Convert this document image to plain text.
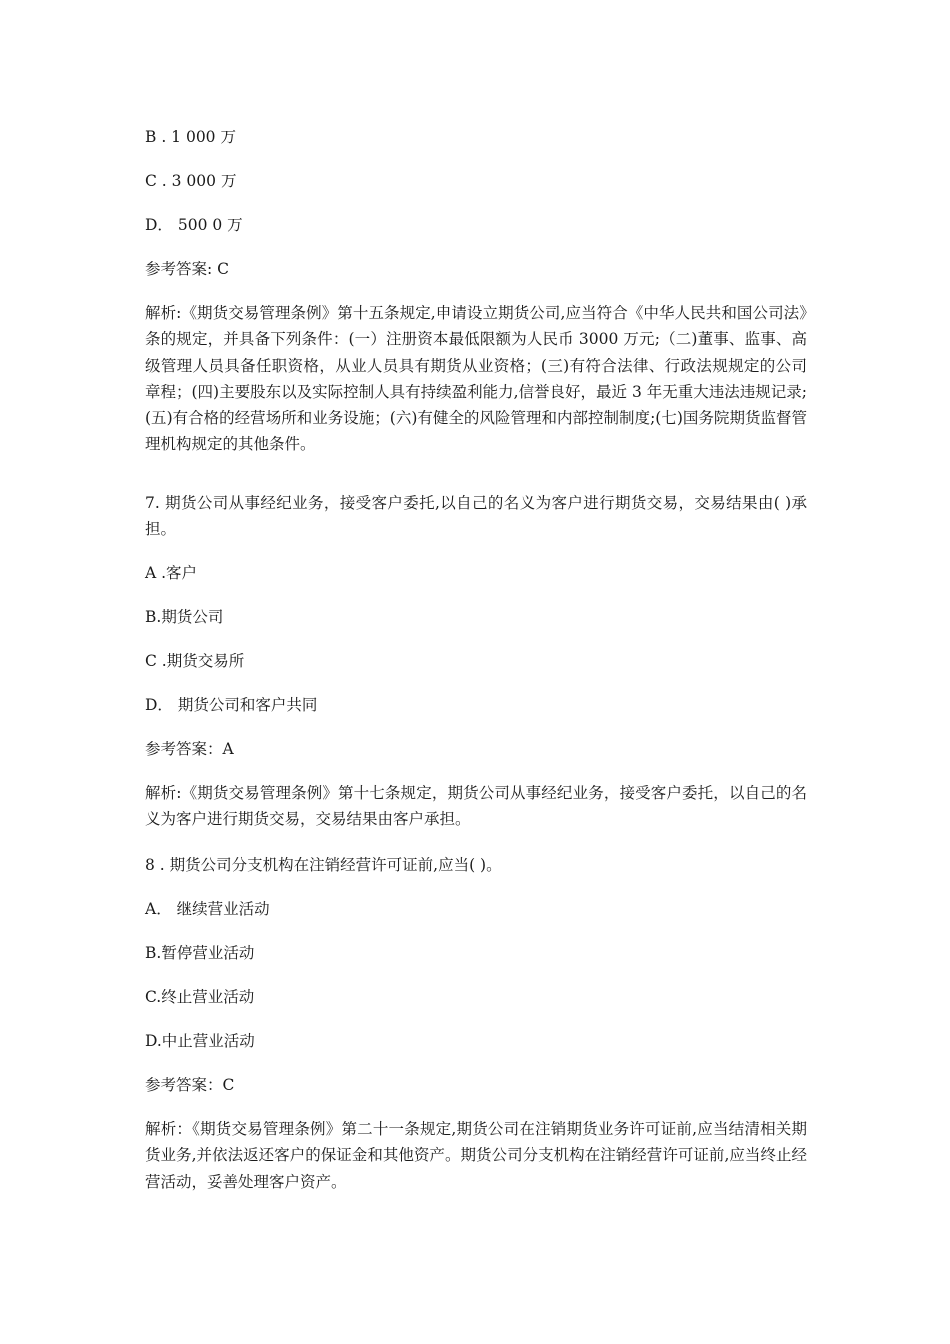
B . 1 000 万
C . 3 000 万
D． 500 0 万
参考答案: C
解析:《期货交易管理条例》第十五条规定,申请设立期货公司,应当符合《中华人民共和国公司法》条的规定，并具备下列条件：(一）注册资本最低限额为人民币 3000 万元;（二)董事、监事、高级管理人员具备任职资格，从业人员具有期货从业资格；(三)有符合法律、行政法规规定的公司章程；(四)主要股东以及实际控制人具有持续盈利能力,信誉良好，最近 3 年无重大违法违规记录;(五)有合格的经营场所和业务设施；(六)有健全的风险管理和内部控制制度;(七)国务院期货监督管理机构规定的其他条件。
7. 期货公司从事经纪业务，接受客户委托,以自己的名义为客户进行期货交易，交易结果由( )承担。
A .客户
B.期货公司
C .期货交易所
D． 期货公司和客户共同
参考答案：A
解析:《期货交易管理条例》第十七条规定，期货公司从事经纪业务，接受客户委托，以自己的名义为客户进行期货交易，交易结果由客户承担。
8 . 期货公司分支机构在注销经营许可证前,应当( )。
A． 继续营业活动
B.暂停营业活动
C.终止营业活动
D.中止营业活动
参考答案：C
解析：《期货交易管理条例》第二十一条规定,期货公司在注销期货业务许可证前,应当结清相关期货业务,并依法返还客户的保证金和其他资产。期货公司分支机构在注销经营许可证前,应当终止经营活动，妥善处理客户资产。
